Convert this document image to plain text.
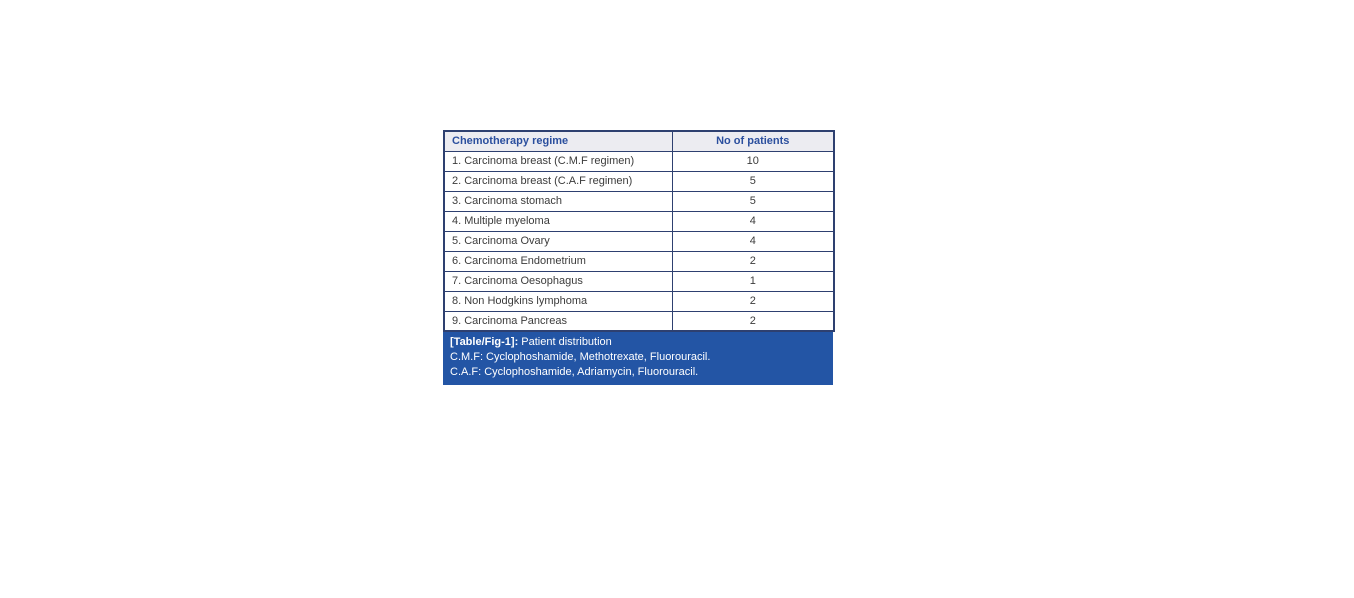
Chemotherapy regime	No of patients
1. Carcinoma breast (C.M.F regimen)	10
2. Carcinoma breast (C.A.F regimen)	5
3. Carcinoma stomach	5
4. Multiple myeloma	4
5. Carcinoma Ovary	4
6. Carcinoma Endometrium	2
7. Carcinoma Oesophagus	1
8. Non Hodgkins lymphoma	2
9. Carcinoma Pancreas	2
[Table/Fig-1]: Patient distribution
C.M.F: Cyclophoshamide, Methotrexate, Fluorouracil.
C.A.F: Cyclophoshamide, Adriamycin, Fluorouracil.
